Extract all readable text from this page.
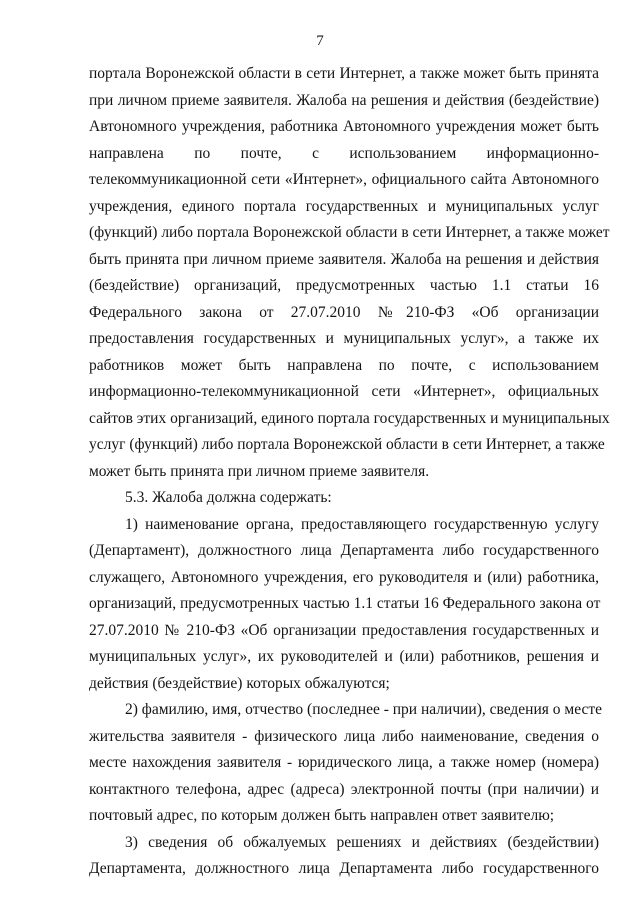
7
портала Воронежской области в сети Интернет, а также может быть принята
при личном приеме заявителя. Жалоба на решения и действия (бездействие)
Автономного учреждения, работника Автономного учреждения может быть
направлена по почте, с использованием информационно-
телекоммуникационной сети «Интернет», официального сайта Автономного
учреждения, единого портала государственных и муниципальных услуг
(функций) либо портала Воронежской области в сети Интернет, а также может
быть принята при личном приеме заявителя. Жалоба на решения и действия
(бездействие) организаций, предусмотренных частью 1.1 статьи 16
Федерального закона от 27.07.2010 №210-ФЗ «Об организации
предоставления государственных и муниципальных услуг», а также их
работников может быть направлена по почте, с использованием
информационно-телекоммуникационной сети «Интернет», официальных
сайтов этих организаций, единого портала государственных и муниципальных
услуг (функций) либо портала Воронежской области в сети Интернет, а также
может быть принята при личном приеме заявителя.
5.3. Жалоба должна содержать:
1) наименование органа, предоставляющего государственную услугу
(Департамент), должностного лица Департамента либо государственного
служащего, Автономного учреждения, его руководителя и (или) работника,
организаций, предусмотренных частью 1.1 статьи 16 Федерального закона от
27.07.2010 № 210-ФЗ «Об организации предоставления государственных и
муниципальных услуг», их руководителей и (или) работников, решения и
действия (бездействие) которых обжалуются;
2) фамилию, имя, отчество (последнее - при наличии), сведения о месте
жительства заявителя - физического лица либо наименование, сведения о
месте нахождения заявителя - юридического лица, а также номер (номера)
контактного телефона, адрес (адреса) электронной почты (при наличии) и
почтовый адрес, по которым должен быть направлен ответ заявителю;
3) сведения об обжалуемых решениях и действиях (бездействии)
Департамента, должностного лица Департамента либо государственного
